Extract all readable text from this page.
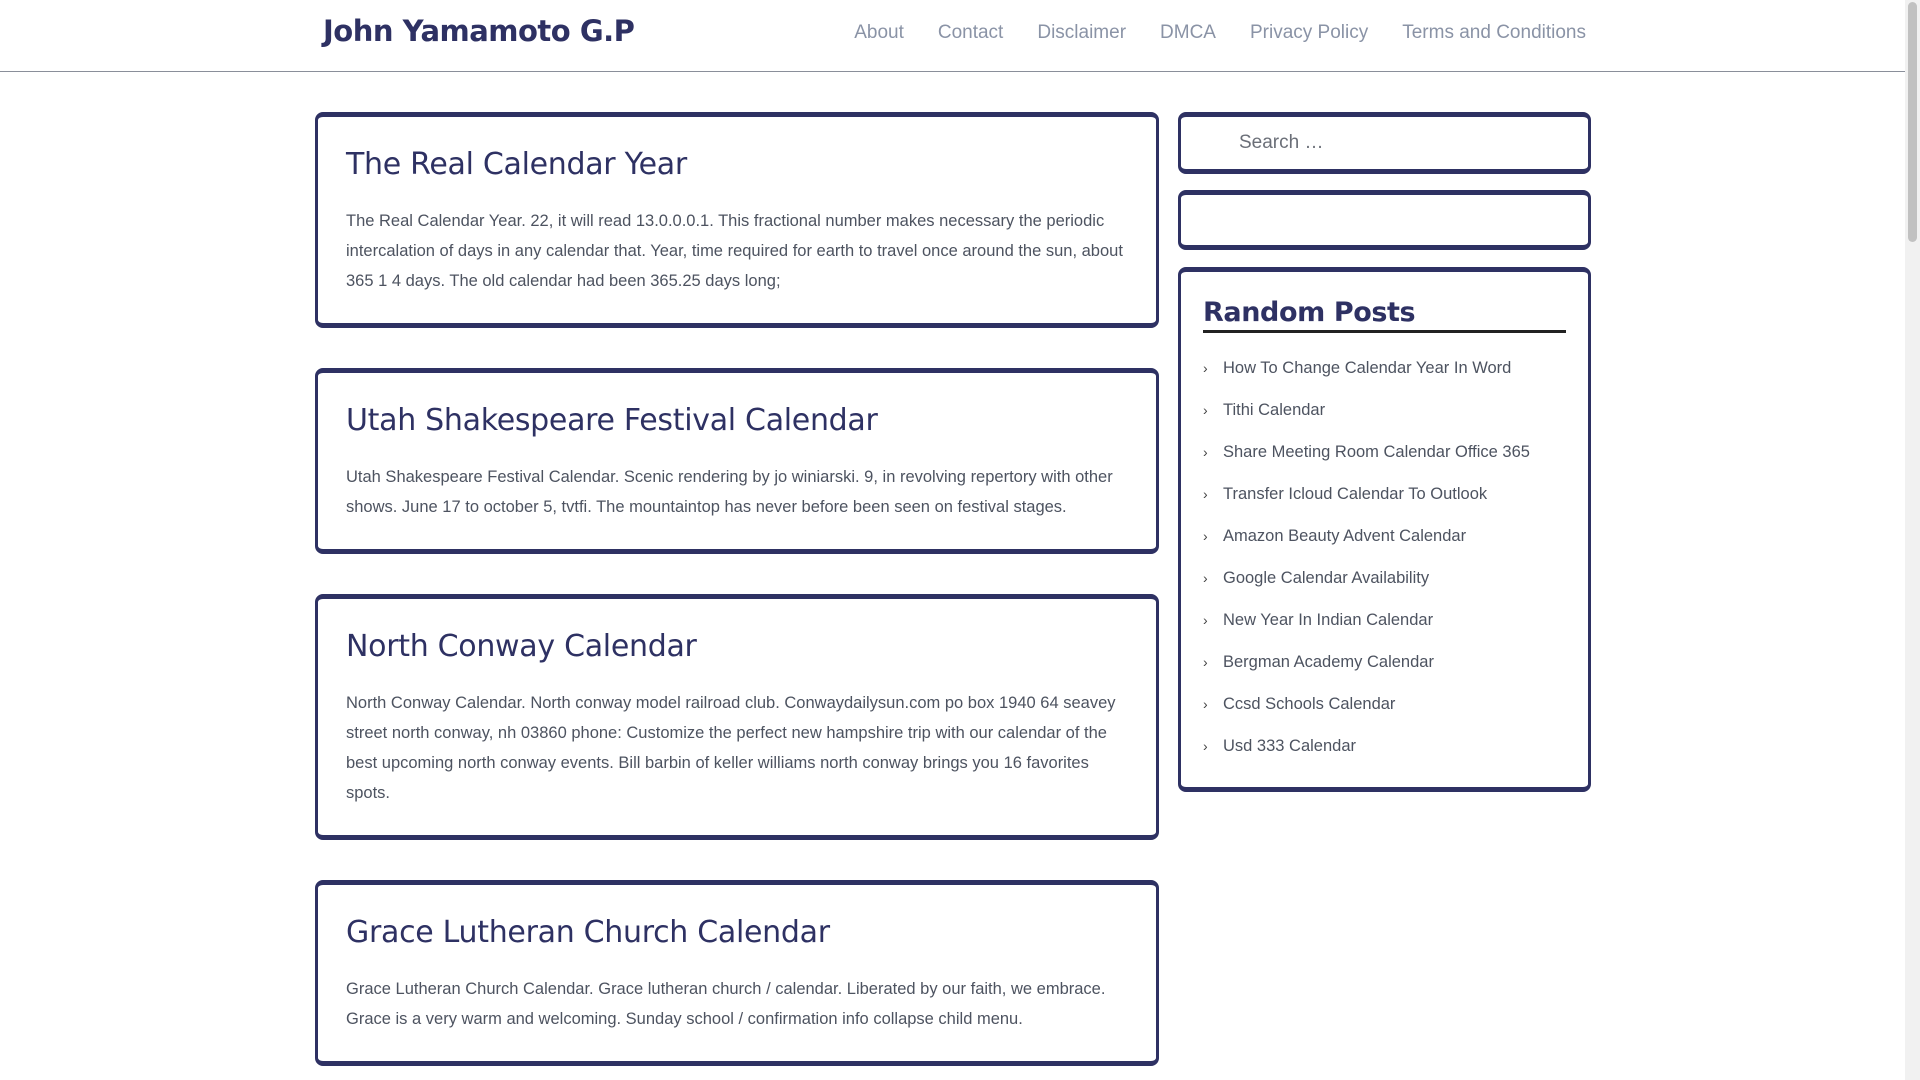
John Yamamoto G.P	About Contact Disclaimer DMCA Privacy Policy Terms and Conditions
The Real Calendar Year

The Real Calendar Year. 22, it will read 13.0.0.0.1. This fractional number makes necessary the periodic intercalation of days in any calendar that. Year, time required for earth to travel once around the sun, about 365 1 4 days. The old calendar had been 365.25 days long;

Utah Shakespeare Festival Calendar

Utah Shakespeare Festival Calendar. Scenic rendering by jo winiarski. 9, in revolving repertory with other shows. June 17 to october 5, tvtfi. The mountaintop has never before been seen on festival stages.

North Conway Calendar

North Conway Calendar. North conway model railroad club. Conwaydailysun.com po box 1940 64 seavey street north conway, nh 03860 phone: Customize the perfect new hampshire trip with our calendar of the best upcoming north conway events. Bill barbin of keller williams north conway brings you 16 favorites spots.

Grace Lutheran Church Calendar

Grace Lutheran Church Calendar. Grace lutheran church / calendar. Liberated by our faith, we embrace. Grace is a very warm and welcoming. Sunday school / confirmation info collapse child menu.

Search …
Random Posts
› How To Change Calendar Year In Word
› Tithi Calendar
› Share Meeting Room Calendar Office 365
› Transfer Icloud Calendar To Outlook
› Amazon Beauty Advent Calendar
› Google Calendar Availability
› New Year In Indian Calendar
› Bergman Academy Calendar
› Ccsd Schools Calendar
› Usd 333 Calendar
